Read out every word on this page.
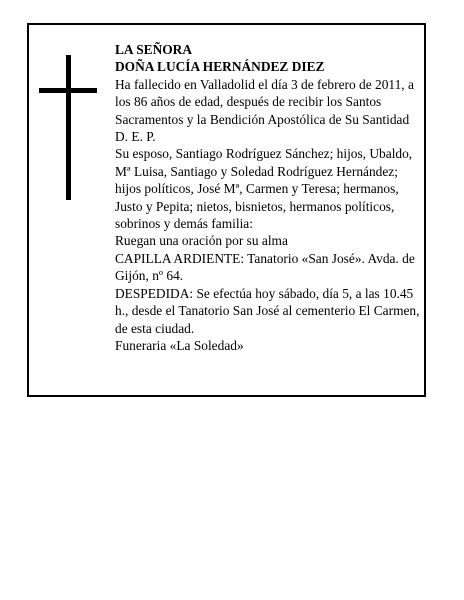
LA SEÑORA

DOÑA LUCÍA HERNÁNDEZ DIEZ

Ha fallecido en Valladolid el día 3 de febrero de 2011, a los 86 años de edad, después de recibir los Santos Sacramentos y la Bendición Apostólica de Su Santidad

D. E. P.

Su esposo, Santiago Rodríguez Sánchez; hijos, Ubaldo, Mª Luisa, Santiago y Soledad Rodríguez Hernández; hijos políticos, José Mª, Carmen y Teresa; hermanos, Justo y Pepita; nietos, bisnietos, hermanos políticos, sobrinos y demás familia:

Ruegan una oración por su alma

CAPILLA ARDIENTE: Tanatorio «San José». Avda. de Gijón, nº 64.

DESPEDIDA: Se efectúa hoy sábado, día 5, a las 10.45 h., desde el Tanatorio San José al cementerio El Carmen, de esta ciudad.

Funeraria «La Soledad»
